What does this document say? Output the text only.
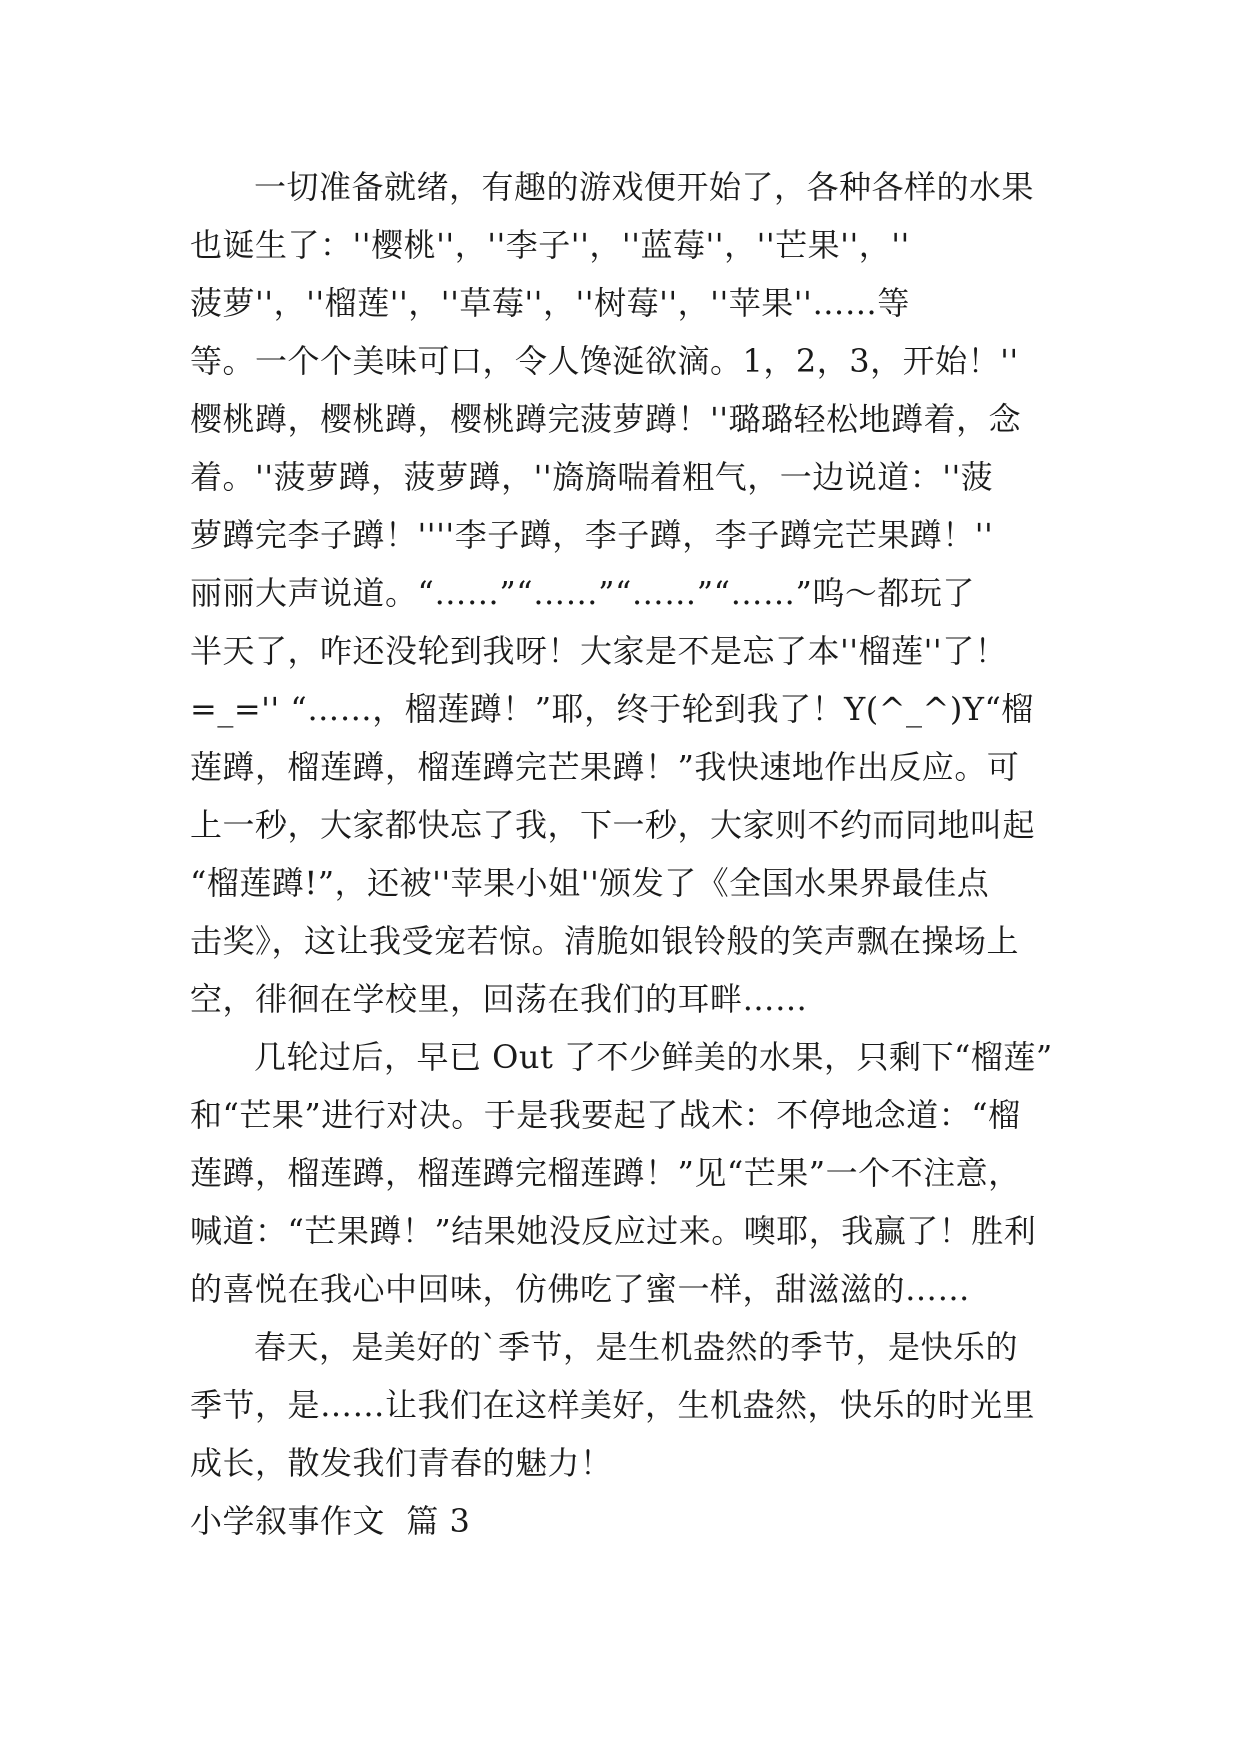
一切准备就绪，有趣的游戏便开始了，各种各样的水果
也诞生了：''樱桃''，''李子''，''蓝莓''，''芒果''，''
菠萝''，''榴莲''，''草莓''，''树莓''，''苹果''……等
等。一个个美味可口，令人馋涎欲滴。1，2，3，开始！''
樱桃蹲，樱桃蹲，樱桃蹲完菠萝蹲！''璐璐轻松地蹲着，念
着。''菠萝蹲，菠萝蹲，''旖旖喘着粗气，一边说道：''菠
萝蹲完李子蹲！''''李子蹲，李子蹲，李子蹲完芒果蹲！''
丽丽大声说道。“……”“……”“……”“……”呜～都玩了
半天了，咋还没轮到我呀！大家是不是忘了本''榴莲''了！
=_='' “……，榴莲蹲！”耶，终于轮到我了！Y(^_^)Y“榴
莲蹲，榴莲蹲，榴莲蹲完芒果蹲！”我快速地作出反应。可
上一秒，大家都快忘了我，下一秒，大家则不约而同地叫起
“榴莲蹲!”，还被''苹果小姐''颁发了《全国水果界最佳点
击奖》，这让我受宠若惊。清脆如银铃般的笑声飘在操场上
空，徘徊在学校里，回荡在我们的耳畔……
几轮过后，早已 Out 了不少鲜美的水果，只剩下“榴莲”
和“芒果”进行对决。于是我要起了战术：不停地念道：“榴
莲蹲，榴莲蹲，榴莲蹲完榴莲蹲！”见“芒果”一个不注意，
喊道：“芒果蹲！”结果她没反应过来。噢耶，我赢了！胜利
的喜悦在我心中回味，仿佛吃了蜜一样，甜滋滋的……
春天，是美好的`季节，是生机盎然的季节，是快乐的
季节，是……让我们在这样美好，生机盎然，快乐的时光里
成长，散发我们青春的魅力！
小学叙事作文  篇 3
